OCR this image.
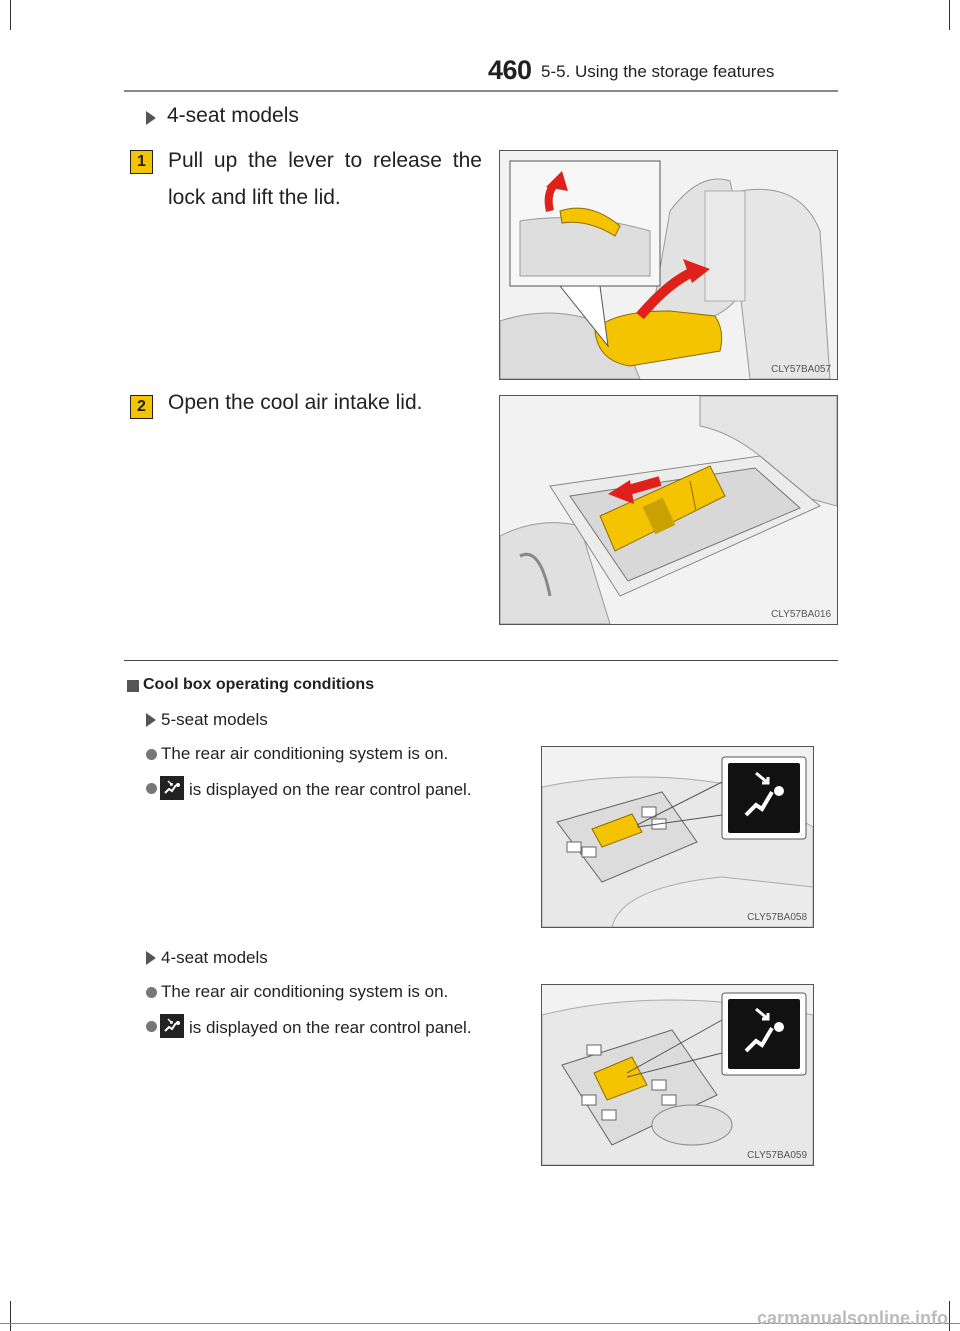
460 5-5. Using the storage features
4-seat models
1	Pull up the lever to release the lock and lift the lid.
CLY57BA057
2	Open the cool air intake lid.
CLY57BA016
Cool box operating conditions
5-seat models
The rear air conditioning system is on.
is displayed on the rear control panel.
CLY57BA058
4-seat models
The rear air conditioning system is on.
is displayed on the rear control panel.
CLY57BA059
carmanualsonline.info
